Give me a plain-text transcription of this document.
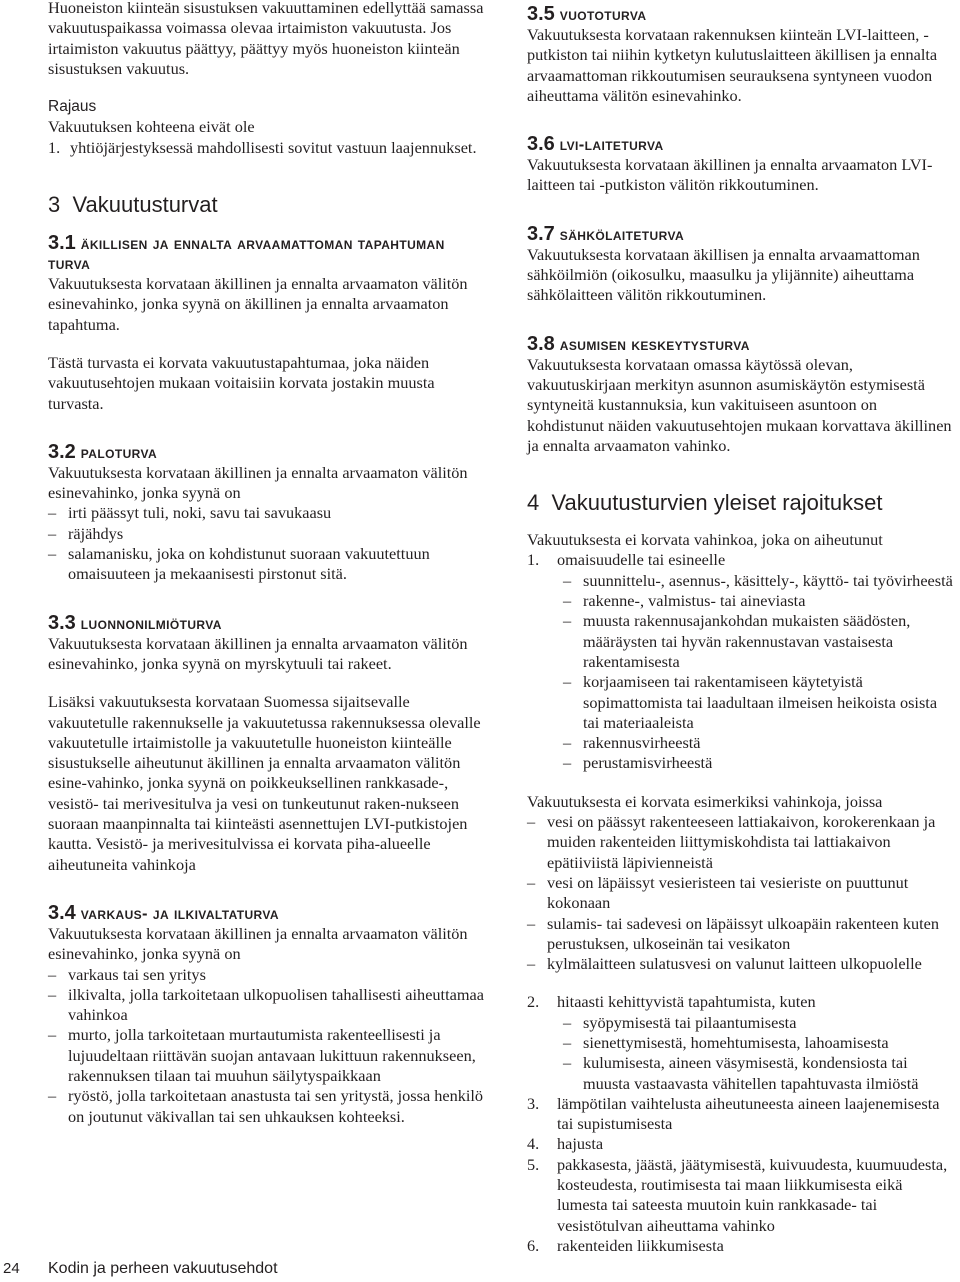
Huoneiston kiinteän sisustuksen vakuuttaminen edellyttää samassa vakuutuspaikassa voimassa olevaa irtaimiston vakuutusta. Jos irtaimiston vakuutus päättyy, päättyy myös huoneiston kiinteän sisustuksen vakuutus.

Rajaus

Vakuutuksen kohteena eivät ole

1. yhtiöjärjestyksessä mahdollisesti sovitut vastuun laajennukset.
3 Vakuutusturvat
3.1 äkillisen ja ennalta arvaamattoman tapahtuman turva

Vakuutuksesta korvataan äkillinen ja ennalta arvaamaton välitön esinevahinko, jonka syynä on äkillinen ja ennalta arvaamaton tapahtuma.

Tästä turvasta ei korvata vakuutustapahtumaa, joka näiden vakuutusehtojen mukaan voitaisiin korvata jostakin muusta turvasta.

3.2 paloturva

Vakuutuksesta korvataan äkillinen ja ennalta arvaamaton välitön esinevahinko, jonka syynä on

– irti päässyt tuli, noki, savu tai savukaasu
– räjähdys
– salamanisku, joka on kohdistunut suoraan vakuutettuun omaisuuteen ja mekaanisesti pirstonut sitä.
3.3 luonnonilmiöturva

Vakuutuksesta korvataan äkillinen ja ennalta arvaamaton välitön esinevahinko, jonka syynä on myrskytuuli tai rakeet.

Lisäksi vakuutuksesta korvataan Suomessa sijaitsevalle vakuutetulle rakennukselle ja vakuutetussa rakennuksessa olevalle vakuutetulle irtaimistolle ja vakuutetulle huoneiston kiinteälle sisustukselle aiheutunut äkillinen ja ennalta arvaamaton välitön esine-vahinko, jonka syynä on poikkeuksellinen rankkasade-, vesistö- tai merivesitulva ja vesi on tunkeutunut raken-nukseen suoraan maanpinnalta tai kiinteästi asennettujen LVI-putkistojen kautta. Vesistö- ja merivesitulvissa ei korvata piha-alueelle aiheutuneita vahinkoja

3.4 varkaus- ja ilkivaltaturva

Vakuutuksesta korvataan äkillinen ja ennalta arvaamaton välitön esinevahinko, jonka syynä on

– varkaus tai sen yritys
– ilkivalta, jolla tarkoitetaan ulkopuolisen tahallisesti aiheuttamaa vahinkoa
– murto, jolla tarkoitetaan murtautumista rakenteellisesti ja lujuudeltaan riittävän suojan antavaan lukittuun rakennukseen, rakennuksen tilaan tai muuhun säilytyspaikkaan
– ryöstö, jolla tarkoitetaan anastusta tai sen yritystä, jossa henkilö on joutunut väkivallan tai sen uhkauksen kohteeksi.
3.5 vuototurva

Vakuutuksesta korvataan rakennuksen kiinteän LVI-laitteen, -putkiston tai niihin kytketyn kulutuslaitteen äkillisen ja ennalta arvaamattoman rikkoutumisen seurauksena syntyneen vuodon aiheuttama välitön esinevahinko.

3.6 lvi-laiteturva

Vakuutuksesta korvataan äkillinen ja ennalta arvaamaton LVI-laitteen tai -putkiston välitön rikkoutuminen.

3.7 sähkölaiteturva

Vakuutuksesta korvataan äkillisen ja ennalta arvaamattoman sähköilmiön (oikosulku, maasulku ja ylijännite) aiheuttama sähkölaitteen välitön rikkoutuminen.

3.8 asumisen keskeytysturva

Vakuutuksesta korvataan omassa käytössä olevan, vakuutuskirjaan merkityn asunnon asumiskäytön estymisestä syntyneitä kustannuksia, kun vakituiseen asuntoon on kohdistunut näiden vakuutusehtojen mukaan korvattava äkillinen ja ennalta arvaamaton vahinko.

4 Vakuutusturvien yleiset rajoitukset

Vakuutuksesta ei korvata vahinkoa, joka on aiheutunut

1. omaisuudelle tai esineelle
– suunnittelu-, asennus-, käsittely-, käyttö- tai työvirheestä
– rakenne-, valmistus- tai aineviasta
– muusta rakennusajankohdan mukaisten säädösten, määräysten tai hyvän rakennustavan vastaisesta rakentamisesta
– korjaamiseen tai rakentamiseen käytetyistä sopimattomista tai laadultaan ilmeisen heikoista osista tai materiaaleista
– rakennusvirheestä
– perustamisvirheestä

Vakuutuksesta ei korvata esimerkiksi vahinkoja, joissa

– vesi on päässyt rakenteeseen lattiakaivon, korokerenkaan ja muiden rakenteiden liittymiskohdista tai lattiakaivon epätiiviistä läpivienneistä
– vesi on läpäissyt vesieristeen tai vesieriste on puuttunut kokonaan
– sulamis- tai sadevesi on läpäissyt ulkoapäin rakenteen kuten perustuksen, ulkoseinän tai vesikaton
– kylmälaitteen sulatusvesi on valunut laitteen ulkopuolelle
2. hitaasti kehittyvistä tapahtumista, kuten
– syöpymisestä tai pilaantumisesta
– sienettymisestä, homehtumisesta, lahoamisesta
– kulumisesta, aineen väsymisestä, kondensiosta tai muusta vastaavasta vähitellen tapahtuvasta ilmiöstä
3. lämpötilan vaihtelusta aiheutuneesta aineen laajenemisesta tai supistumisesta
4. hajusta
5. pakkasesta, jäästä, jäätymisestä, kuivuudesta, kuumuudesta, kosteudesta, routimisesta tai maan liikkumisesta eikä lumesta tai sateesta muutoin kuin rankkasade- tai vesistötulvan aiheuttama vahinko
6. rakenteiden liikkumisesta
24 Kodin ja perheen vakuutusehdot
